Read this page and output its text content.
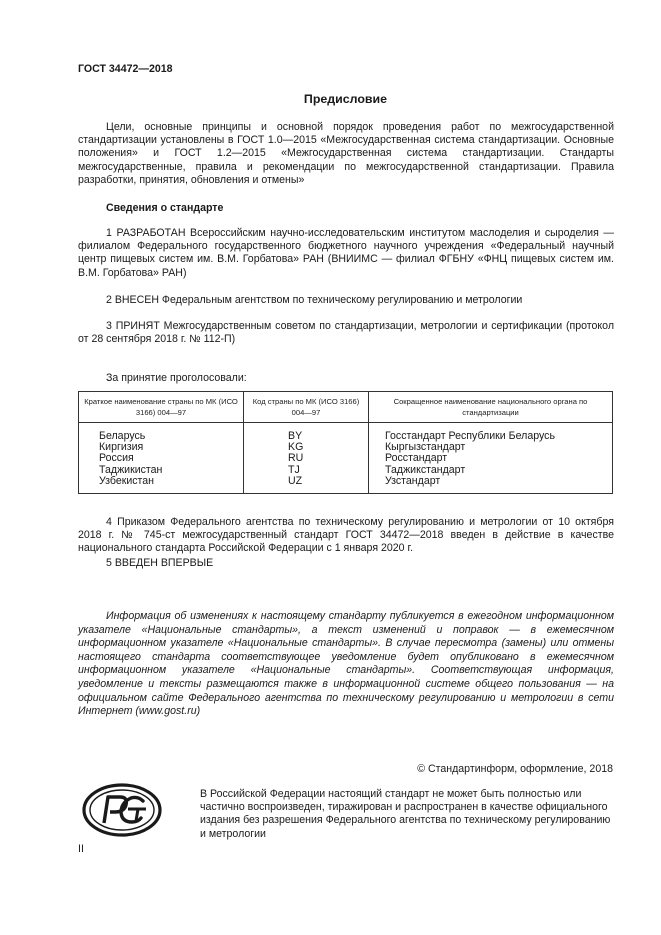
ГОСТ 34472—2018
Предисловие
Цели, основные принципы и основной порядок проведения работ по межгосударственной стандартизации установлены в ГОСТ 1.0—2015 «Межгосударственная система стандартизации. Основные положения» и ГОСТ 1.2—2015 «Межгосударственная система стандартизации. Стандарты межгосударственные, правила и рекомендации по межгосударственной стандартизации. Правила разработки, принятия, обновления и отмены»
Сведения о стандарте
1 РАЗРАБОТАН Всероссийским научно-исследовательским институтом маслоделия и сыроделия — филиалом Федерального государственного бюджетного научного учреждения «Федеральный научный центр пищевых систем им. В.М. Горбатова» РАН (ВНИИМС — филиал ФГБНУ «ФНЦ пищевых систем им. В.М. Горбатова» РАН)
2 ВНЕСЕН Федеральным агентством по техническому регулированию и метрологии
3 ПРИНЯТ Межгосударственным советом по стандартизации, метрологии и сертификации (протокол от 28 сентября 2018 г. № 112-П)
За принятие проголосовали:
Краткое наименование страны по МК (ИСО 3166) 004—97	Код страны по МК (ИСО 3166) 004—97	Сокращенное наименование национального органа по стандартизации
Беларусь	BY	Госстандарт Республики Беларусь
Киргизия	KG	Кыргызстандарт
Россия	RU	Росстандарт
Таджикистан	TJ	Таджикстандарт
Узбекистан	UZ	Узстандарт
4 Приказом Федерального агентства по техническому регулированию и метрологии от 10 октября 2018 г. № 745-ст межгосударственный стандарт ГОСТ 34472—2018 введен в действие в качестве национального стандарта Российской Федерации с 1 января 2020 г.
5 ВВЕДЕН ВПЕРВЫЕ
Информация об изменениях к настоящему стандарту публикуется в ежегодном информационном указателе «Национальные стандарты», а текст изменений и поправок — в ежемесячном информационном указателе «Национальные стандарты». В случае пересмотра (замены) или отмены настоящего стандарта соответствующее уведомление будет опубликовано в ежемесячном информационном указателе «Национальные стандарты». Соответствующая информация, уведомление и тексты размещаются также в информационной системе общего пользования — на официальном сайте Федерального агентства по техническому регулированию и метрологии в сети Интернет (www.gost.ru)
© Стандартинформ, оформление, 2018
В Российской Федерации настоящий стандарт не может быть полностью или частично воспроизведен, тиражирован и распространен в качестве официального издания без разрешения Федерального агентства по техническому регулированию и метрологии
II
